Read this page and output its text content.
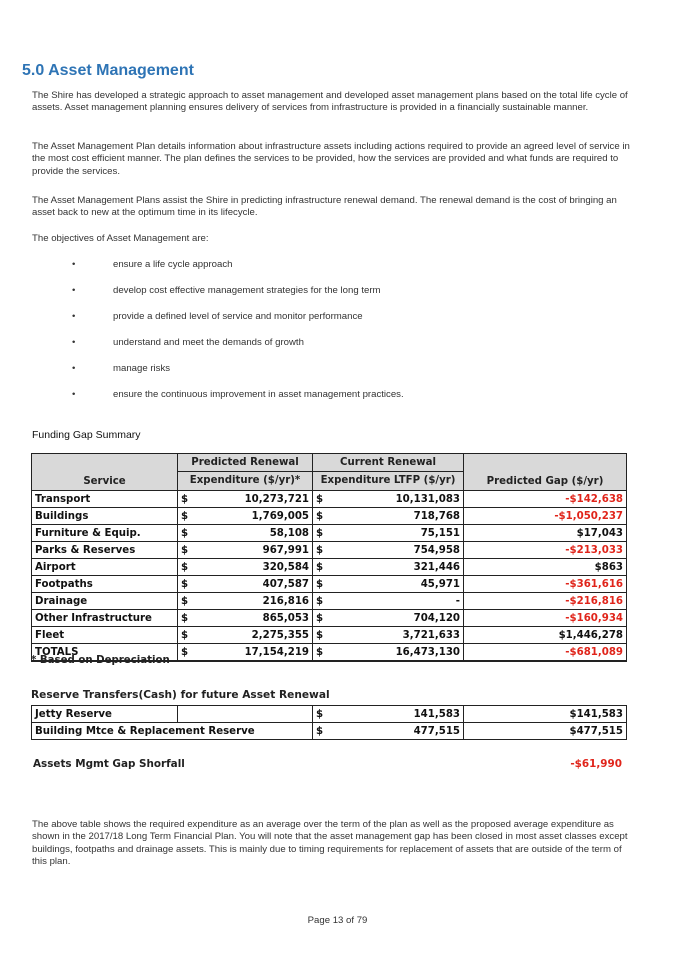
5.0 Asset Management

The Shire has developed a strategic approach to asset management and developed asset management plans based on the total life cycle of assets. Asset management planning ensures delivery of services from infrastructure is provided in a financially sustainable manner.

The Asset Management Plan details information about infrastructure assets including actions required to provide an agreed level of service in the most cost efficient manner. The plan defines the services to be provided, how the services are provided and what funds are required to provide the services.

The Asset Management Plans assist the Shire in predicting infrastructure renewal demand. The renewal demand is the cost of bringing an asset back to new at the optimum time in its lifecycle.

The objectives of Asset Management are:

•	ensure a life cycle approach
•	develop cost effective management strategies for the long term
•	provide a defined level of service and monitor performance
•	understand and meet the demands of growth
•	manage risks
•	ensure the continuous improvement in asset management practices.

Funding Gap Summary

Service	Predicted Renewal		Current Renewal		Predicted Gap ($/yr)
	Expenditure ($/yr)*		Expenditure LTFP ($/yr)		
Transport	$	10,273,721	$	10,131,083	-$142,638
Buildings	$	1,769,005	$	718,768	-$1,050,237
Furniture & Equip.	$	58,108	$	75,151	$17,043
Parks & Reserves	$	967,991	$	754,958	-$213,033
Airport	$	320,584	$	321,446	$863
Footpaths	$	407,587	$	45,971	-$361,616
Drainage	$	216,816	$	-	-$216,816
Other Infrastructure	$	865,053	$	704,120	-$160,934
Fleet	$	2,275,355	$	3,721,633	$1,446,278
TOTALS	$	17,154,219	$	16,473,130	-$681,089

* Based on Depreciation

Reserve Transfers(Cash) for future Asset Renewal

Jetty Reserve		$	141,583	$141,583
Building Mtce & Replacement Reserve		$	477,515	$477,515

Assets Mgmt Gap Shorfall	-$61,990

The above table shows the required expenditure as an average over the term of the plan as well as the proposed average expenditure as shown in the 2017/18 Long Term Financial Plan. You will note that the asset management gap has been closed in most asset classes except buildings, footpaths and drainage assets. This is mainly due to timing requirements for replacement of assets that are outside of the term of this plan.

Page 13 of 79
